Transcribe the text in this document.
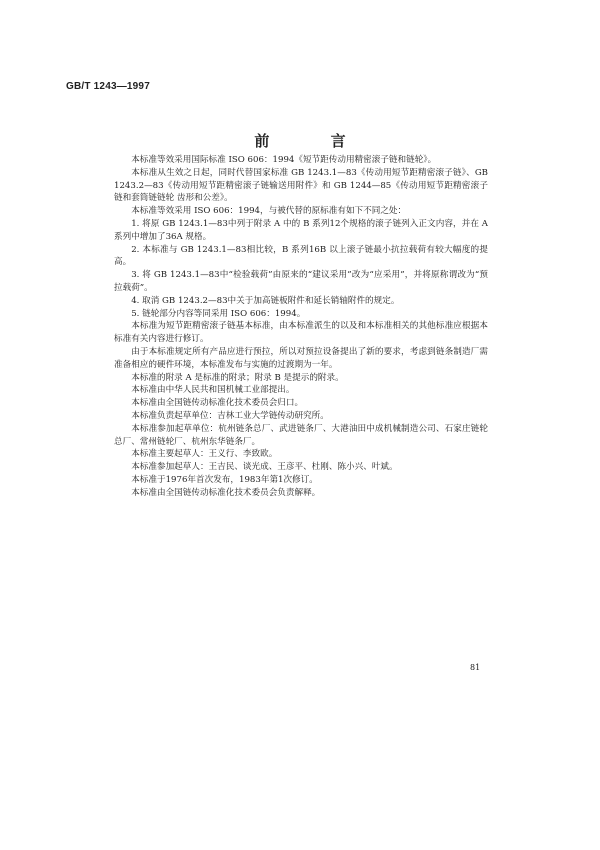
GB/T 1243—1997
前 言

本标准等效采用国际标准 ISO 606：1994《短节距传动用精密滚子链和链轮》。

本标准从生效之日起，同时代替国家标准 GB 1243.1—83《传动用短节距精密滚子链》、GB 1243.2—83《传动用短节距精密滚子链输送用附件》和 GB 1244—85《传动用短节距精密滚子链和套筒链链轮 齿形和公差》。

本标准等效采用 ISO 606：1994，与被代替的原标准有如下不同之处：

1. 将原 GB 1243.1—83中列于附录 A 中的 B 系列12个规格的滚子链列入正文内容，并在 A 系列中增加了36A 规格。

2. 本标准与 GB 1243.1—83相比较，B 系列16B 以上滚子链最小抗拉载荷有较大幅度的提高。

3. 将 GB 1243.1—83中“检验载荷”由原来的“建议采用”改为“应采用”，并将原称谓改为“预拉载荷”。

4. 取消 GB 1243.2—83中关于加高链板附件和延长销轴附件的规定。

5. 链轮部分内容等同采用 ISO 606：1994。

本标准为短节距精密滚子链基本标准，由本标准派生的以及和本标准相关的其他标准应根据本标准有关内容进行修订。

由于本标准规定所有产品应进行预拉，所以对预拉设备提出了新的要求，考虑到链条制造厂需准备相应的硬件环境，本标准发布与实施的过渡期为一年。

本标准的附录 A 是标准的附录；附录 B 是提示的附录。

本标准由中华人民共和国机械工业部提出。

本标准由全国链传动标准化技术委员会归口。

本标准负责起草单位：吉林工业大学链传动研究所。

本标准参加起草单位：杭州链条总厂、武进链条厂、大港油田中成机械制造公司、石家庄链轮总厂、常州链轮厂、杭州东华链条厂。

本标准主要起草人：王义行、李致欧。

本标准参加起草人：王吉民、谈光成、王彦平、杜刚、陈小兴、叶斌。

本标准于1976年首次发布，1983年第1次修订。

本标准由全国链传动标准化技术委员会负责解释。

81
